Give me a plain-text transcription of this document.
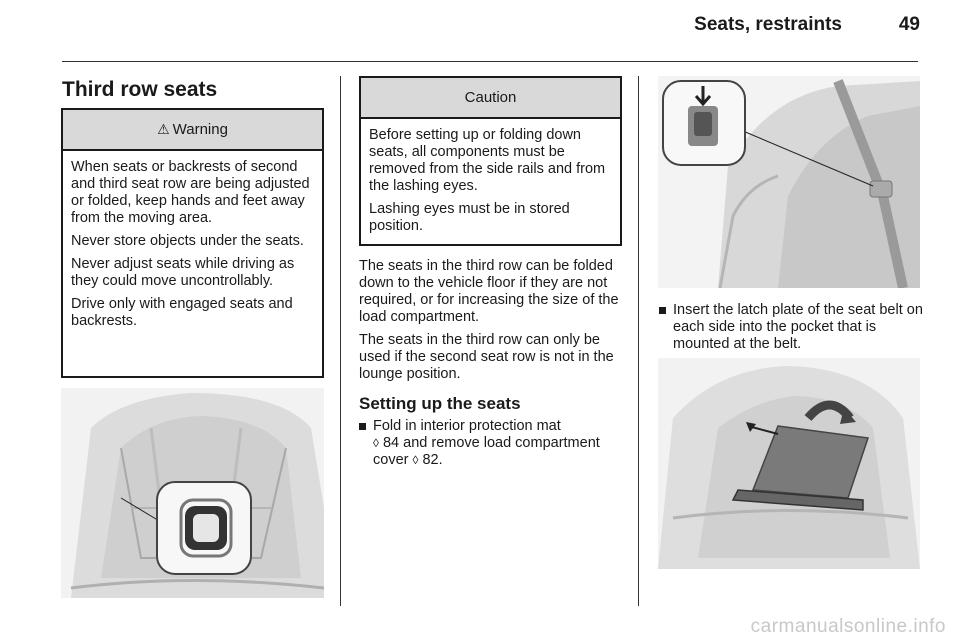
Seats, restraints	49
Third row seats
⚠ Warning

When seats or backrests of second and third seat row are being adjusted or folded, keep hands and feet away from the moving area.

Never store objects under the seats.

Never adjust seats while driving as they could move uncontrollably.

Drive only with engaged seats and backrests.

Caution

Before setting up or folding down seats, all components must be removed from the side rails and from the lashing eyes.

Lashing eyes must be in stored position.

The seats in the third row can be folded down to the vehicle floor if they are not required, or for increasing the size of the load compartment.

The seats in the third row can only be used if the second seat row is not in the lounge position.

Setting up the seats

Fold in interior protection mat
◊ 84 and remove load compartment cover ◊ 82.
Insert the latch plate of the seat belt on each side into the pocket that is mounted at the belt.
carmanualsonline.info
